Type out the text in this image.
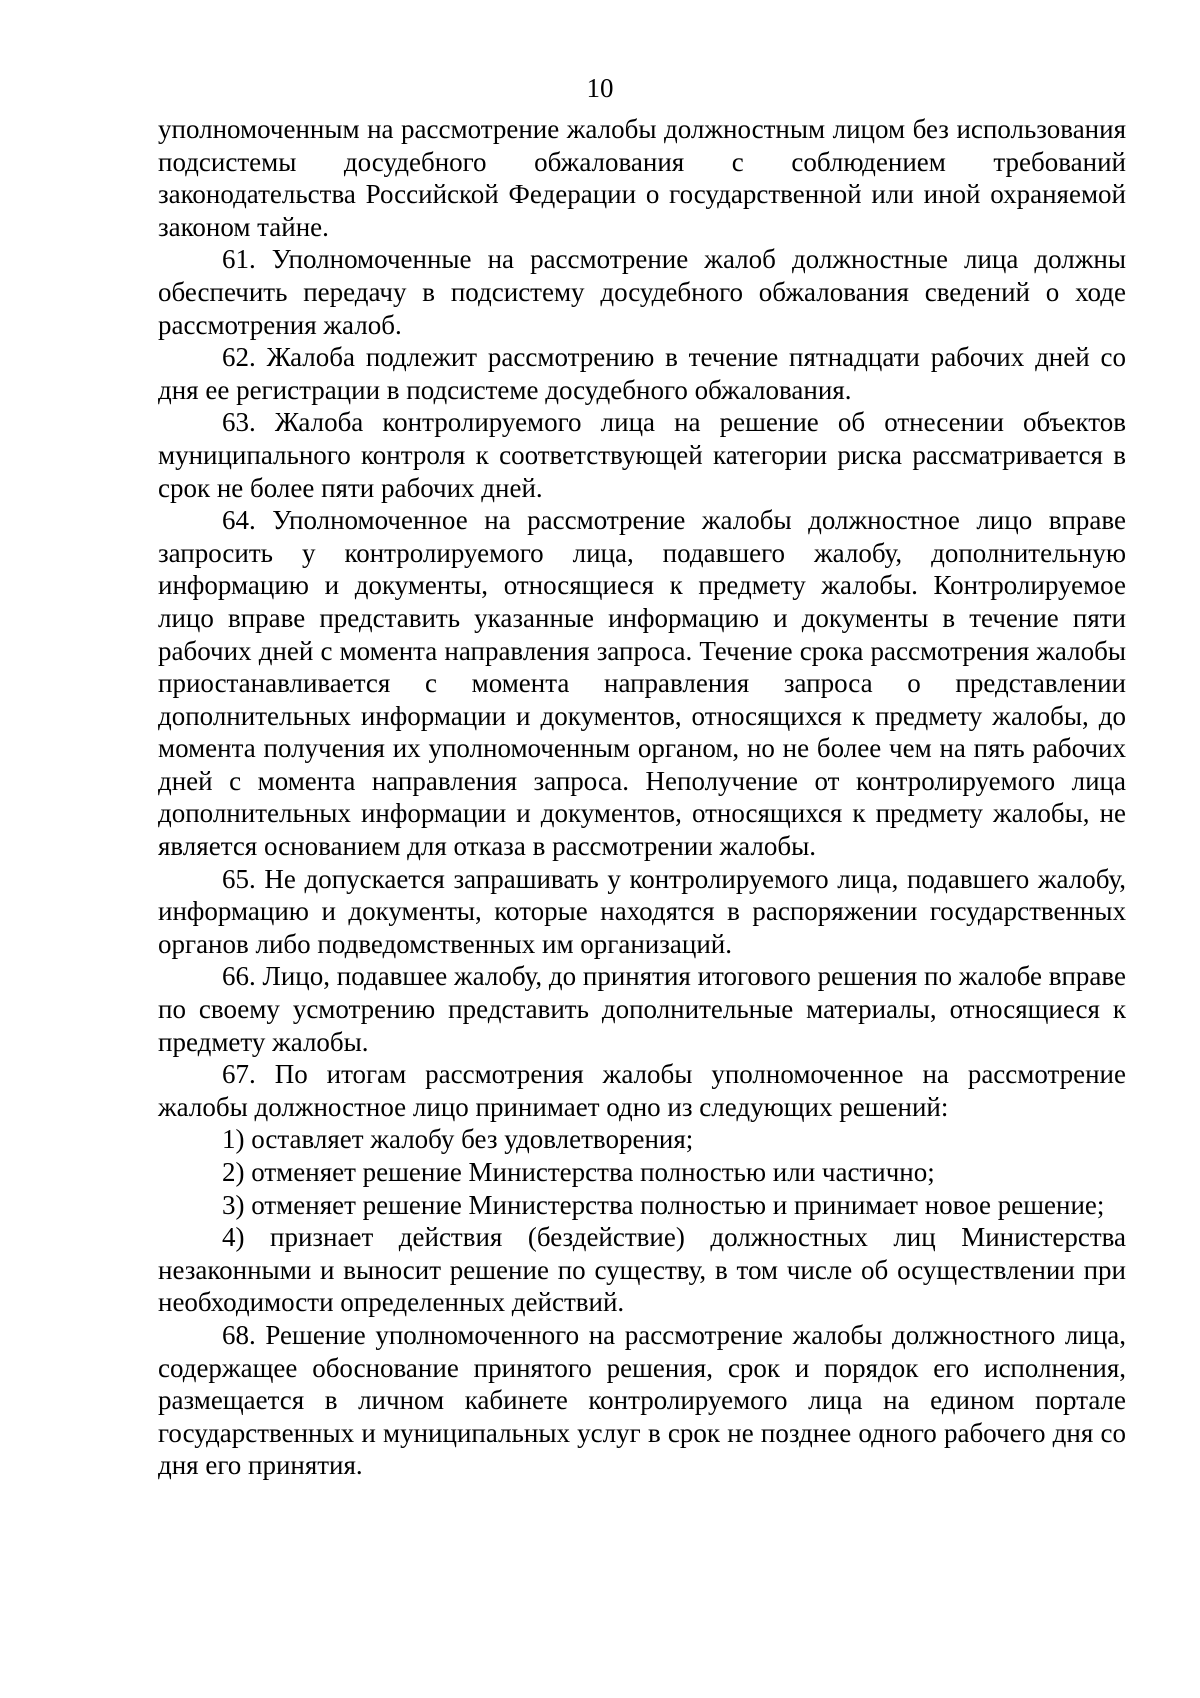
10

уполномоченным на рассмотрение жалобы должностным лицом без использования подсистемы досудебного обжалования с соблюдением требований законодательства Российской Федерации о государственной или иной охраняемой законом тайне.

61. Уполномоченные на рассмотрение жалоб должностные лица должны обеспечить передачу в подсистему досудебного обжалования сведений о ходе рассмотрения жалоб.

62. Жалоба подлежит рассмотрению в течение пятнадцати рабочих дней со дня ее регистрации в подсистеме досудебного обжалования.

63. Жалоба контролируемого лица на решение об отнесении объектов муниципального контроля к соответствующей категории риска рассматривается в срок не более пяти рабочих дней.

64. Уполномоченное на рассмотрение жалобы должностное лицо вправе запросить у контролируемого лица, подавшего жалобу, дополнительную информацию и документы, относящиеся к предмету жалобы. Контролируемое лицо вправе представить указанные информацию и документы в течение пяти рабочих дней с момента направления запроса. Течение срока рассмотрения жалобы приостанавливается с момента направления запроса о представлении дополнительных информации и документов, относящихся к предмету жалобы, до момента получения их уполномоченным органом, но не более чем на пять рабочих дней с момента направления запроса. Неполучение от контролируемого лица дополнительных информации и документов, относящихся к предмету жалобы, не является основанием для отказа в рассмотрении жалобы.

65. Не допускается запрашивать у контролируемого лица, подавшего жалобу, информацию и документы, которые находятся в распоряжении государственных органов либо подведомственных им организаций.

66. Лицо, подавшее жалобу, до принятия итогового решения по жалобе вправе по своему усмотрению представить дополнительные материалы, относящиеся к предмету жалобы.

67. По итогам рассмотрения жалобы уполномоченное на рассмотрение жалобы должностное лицо принимает одно из следующих решений:

1) оставляет жалобу без удовлетворения;

2) отменяет решение Министерства полностью или частично;

3) отменяет решение Министерства полностью и принимает новое решение;

4) признает действия (бездействие) должностных лиц Министерства незаконными и выносит решение по существу, в том числе об осуществлении при необходимости определенных действий.

68. Решение уполномоченного на рассмотрение жалобы должностного лица, содержащее обоснование принятого решения, срок и порядок его исполнения, размещается в личном кабинете контролируемого лица на едином портале государственных и муниципальных услуг в срок не позднее одного рабочего дня со дня его принятия.
